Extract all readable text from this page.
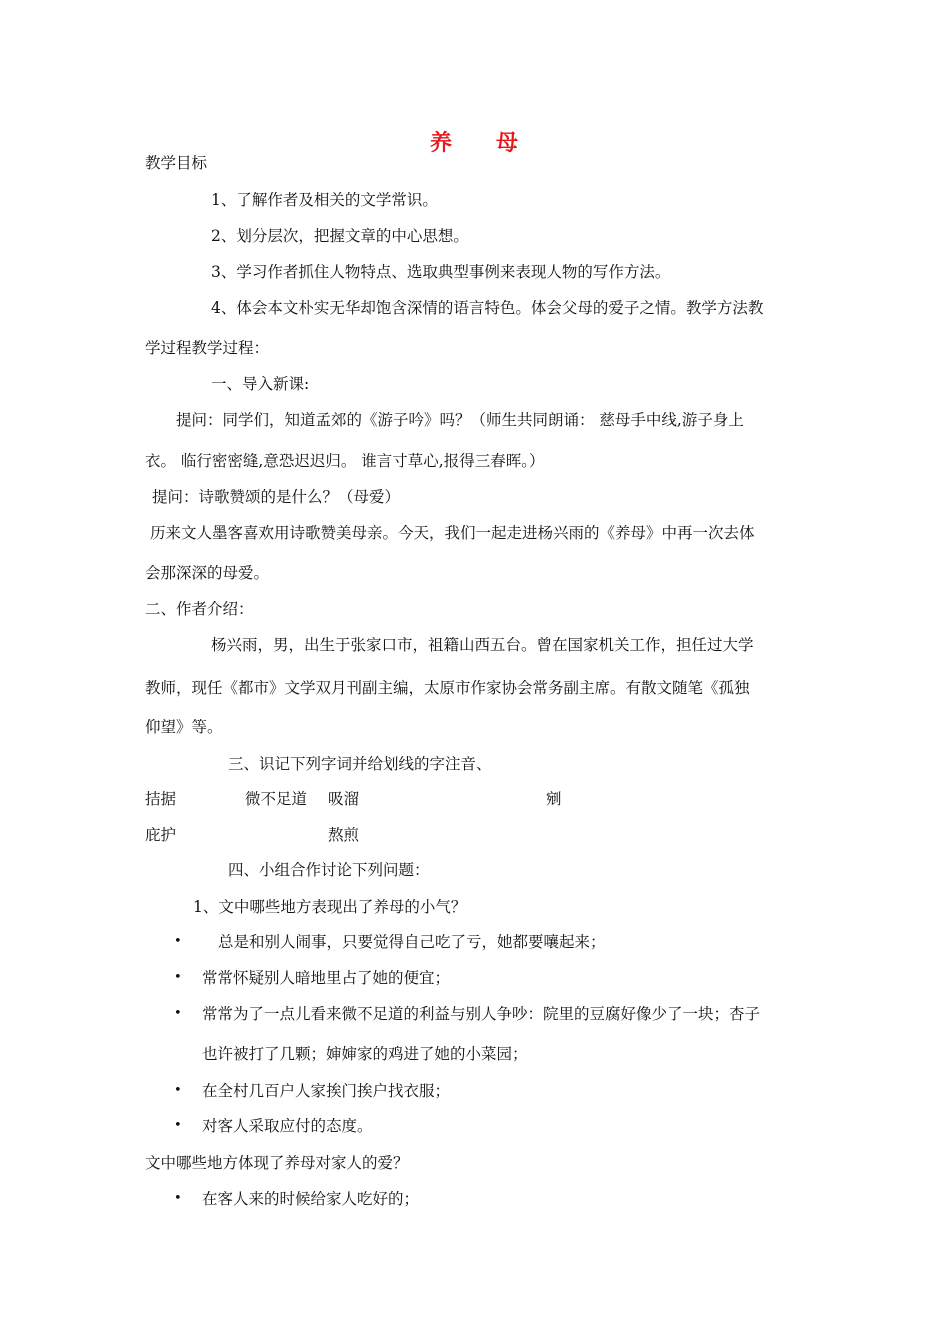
养 母
教学目标
1、了解作者及相关的文学常识。
2、划分层次，把握文章的中心思想。
3、学习作者抓住人物特点、选取典型事例来表现人物的写作方法。
4、体会本文朴实无华却饱含深情的语言特色。体会父母的爱子之情。教学方法教
学过程教学过程：
一、导入新课:
提问：同学们，知道孟郊的《游子吟》吗？（师生共同朗诵： 慈母手中线,游子身上
衣。 临行密密缝,意恐迟迟归。 谁言寸草心,报得三春晖。）
提问：诗歌赞颂的是什么？（母爱）
历来文人墨客喜欢用诗歌赞美母亲。今天，我们一起走进杨兴雨的《养母》中再一次去体
会那深深的母爱。
二、作者介绍：
杨兴雨，男，出生于张家口市，祖籍山西五台。曾在国家机关工作，担任过大学
教师，现任《都市》文学双月刊副主编，太原市作家协会常务副主席。有散文随笔《孤独
仰望》等。
三、识记下列字词并给划线的字注音、
拮据	微不足道 吸溜	剜
庇护	熬煎
四、小组合作讨论下列问题：
1、文中哪些地方表现出了养母的小气？
• 总是和别人闹事，只要觉得自己吃了亏，她都要嚷起来；
• 常常怀疑别人暗地里占了她的便宜；
• 常常为了一点儿看来微不足道的利益与别人争吵：院里的豆腐好像少了一块；杏子
也许被打了几颗；婶婶家的鸡进了她的小菜园；
• 在全村几百户人家挨门挨户找衣服；
• 对客人采取应付的态度。
文中哪些地方体现了养母对家人的爱？
• 在客人来的时候给家人吃好的；
